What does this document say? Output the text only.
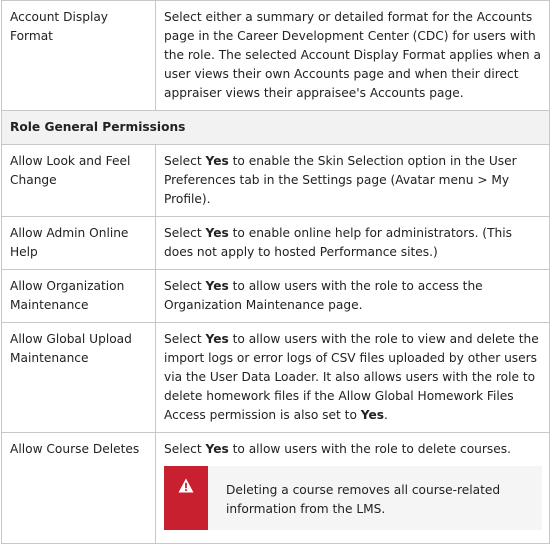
Account Display Format	Select either a summary or detailed format for the Accounts page in the Career Development Center (CDC) for users with the role. The selected Account Display Format applies when a user views their own Accounts page and when their direct appraiser views their appraisee's Accounts page.
Role General Permissions	
Allow Look and Feel Change	Select Yes to enable the Skin Selection option in the User Preferences tab in the Settings page (Avatar menu > My Profile).
Allow Admin Online Help	Select Yes to enable online help for administrators. (This does not apply to hosted Performance sites.)
Allow Organization Maintenance	Select Yes to allow users with the role to access the Organization Maintenance page.
Allow Global Upload Maintenance	Select Yes to allow users with the role to view and delete the import logs or error logs of CSV files uploaded by other users via the User Data Loader. It also allows users with the role to delete homework files if the Allow Global Homework Files Access permission is also set to Yes.
Allow Course Deletes	Select Yes to allow users with the role to delete courses.
Deleting a course removes all course-related information from the LMS.
